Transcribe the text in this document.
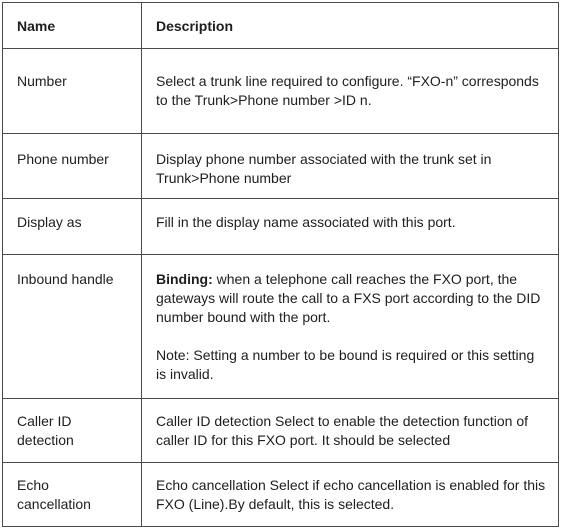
Name	Description

Number	Select a trunk line required to configure. “FXO-n” corresponds to the Trunk>Phone number >ID n.

Phone number	Display phone number associated with the trunk set in Trunk>Phone number

Display as	Fill in the display name associated with this port.

Inbound handle	Binding: when a telephone call reaches the FXO port, the gateways will route the call to a FXS port according to the DID number bound with the port.
Note: Setting a number to be bound is required or this setting is invalid.

Caller ID detection	Caller ID detection Select to enable the detection function of caller ID for this FXO port. It should be selected

Echo cancellation	Echo cancellation Select if echo cancellation is enabled for this FXO (Line).By default, this is selected.
